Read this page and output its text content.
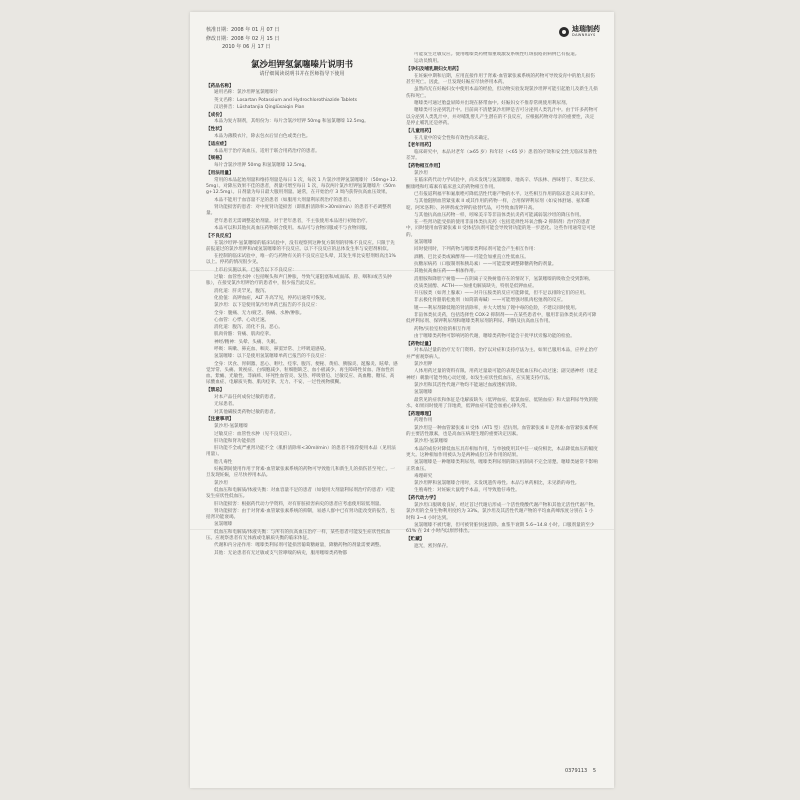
核准日期：2008 年 01 月 07 日
修改日期：2008 年 02 月 15 日
2010 年 06 月 17 日
迪瑞制药
DAWNRAYS
氯沙坦钾氢氯噻嗪片说明书
请仔细阅读说明书并在医师指导下使用

【药品名称】

通用名称：氯沙坦钾氢氯噻嗪片

英文名称：Losartan Potassium and Hydrochlorothiazide Tablets

汉语拼音：Lüshatanjia Qinglüsaiqin Pian

【成份】

本品为复方制剂，其组份为：每片含氯沙坦钾 50mg 和氢氯噻嗪 12.5mg。

【性状】

本品为薄膜衣片，除去包衣后显白色或类白色。

【适应症】

本品用于治疗高血压，适用于联合用药治疗的患者。

【规格】

每片含氯沙坦钾 50mg 和氢氯噻嗪 12.5mg。

【用法用量】

常用的本品起始剂量和维持剂量是每日 1 次，每次 1 片氯沙坦钾氢氯噻嗪片（50mg+12.5mg）。对降压效果不佳的患者，剂量可增至每日 1 次，每次两片氯沙坦钾氢氯噻嗪片（50mg+12.5mg）。日剂量为每日最大服用剂量。通常，在开始治疗 3 周内获得抗高血压效果。

本品不能用于血容量不足的患者（如服用大剂量利尿剂治疗的患者）。

肾功能损害的患者：对中度肾功能损害（即肌酐清除率>30ml/min）的患者不必调整剂量。

老年患者无需调整起始剂量。对于老年患者，不主张使用本品进行初始治疗。

本品可以和其他抗高血压药物联合使用。本品可与食物同服或不与食物同服。

【不良反应】

在氯沙坦钾-氢氯噻嗪的临床试验中，没有观察到这种复方制剂的特殊不良反应。只限于先前报道过的氯沙坦钾和/或氢氯噻嗪的不良反应。以下不良反应的总体发生率与安慰剂相似。

在控制的临床试验中，唯一的与药物有关的不良反应是头晕，其发生率比安慰剂组高出1%以上。停药的情况很少见。

上市后实施以来，已报告以下不良反应：

过敏：血管性水肿（包括喉头和声门肿胀，导致气道阻塞和/或面部、唇、咽和/或舌头肿胀），在接受氯沙坦钾治疗的患者中，很少报告此反应。

消化道：肝炎罕见，腹泻。

化验值：高钾血症，ALT 升高罕见，停药后通常可恢复。

氯沙坦：以下是使用氯沙坦单药已报告的不良反应：

全身：腹痛、无力/疲乏、胸痛、水肿/肿胀。

心血管：心悸、心动过速。

消化道：腹泻、消化不良、恶心。

肌肉骨骼：背痛、肌肉痉挛。

神经/精神：头晕、头痛、失眠。

呼吸：咳嗽、鼻充血、咽炎、鼻窦异常、上呼吸道感染。

氢氯噻嗪：以下是使用氢氯噻嗪单药已报告的不良反应：

全身：厌食、胃刺激、恶心、呕吐、痉挛、腹泻、便秘、黄疸、胰腺炎、涎腺炎、眩晕、感觉异常、头痛、黄视症、白细胞减少、粒细胞缺乏、血小板减少、再生障碍性贫血、溶血性贫血、紫癜、光敏性、荨麻疹、坏死性血管炎、发热、呼吸窘迫、过敏反应、高血糖、糖尿、高尿酸血症、电解质失衡、肌肉痉挛、无力、不安、一过性视物模糊。

【禁忌】

对本产品任何成份过敏的患者。

无尿患者。

对其他磺胺类药物过敏的患者。

【注意事项】

氯沙坦-氢氯噻嗪

过敏反应：血管性水肿（见不良反应）。

肝功能和肾功能损害

肝功能不全或严重肾功能不全（肌酐清除率<30ml/min）的患者不推荐使用本品（见用法用量）。

胎儿毒性

妊娠期间使用作用于肾素-血管紧张素系统的药物可导致胎儿和新生儿的损伤甚至死亡。一旦发现妊娠，应尽快停用本品。

氯沙坦

低血压和电解质/体液失衡：对血容量不足的患者（如使用大剂量利尿剂治疗的患者）可能发生症状性低血压。

肝功能损害：根据药代动力学资料，对有肝脏损害病史的患者应考虑使用较低剂量。

肾功能损害：由于对肾素-血管紧张素系统的抑制，易感人群中已有肾功能改变的报告，包括肾功能衰竭。

氢氯噻嗪

低血压和电解质/体液失衡：与所有的抗高血压治疗一样，某些患者可能发生症状性低血压。应观察患者有无体液或电解质失衡的临床体征。

代谢和内分泌作用：噻嗪类利尿剂可能损害葡萄糖耐量，降糖药物的剂量需要调整。

其他：无论患者有无过敏或支气管哮喘的病史，服用噻嗪类药物都

可能发生过敏反应。使用噻嗪类药物加重或激发系统性红斑狼疮的病例已有报道。

运动员慎用。

【孕妇及哺乳期妇女用药】

在妊娠中期和后期，应用直接作用于肾素-血管紧张素系统的药物可导致发育中的胎儿损伤甚至死亡。因此，一旦发现妊娠应尽快停用本药。

虽然尚无在妊娠妇女中使用本品的经验，但动物实验发现氯沙坦钾可能引起胎儿及新生儿损伤和死亡。

噻嗪类可通过胎盘屏障并出现在脐带血中。妊娠妇女不推荐常规使用利尿剂。

噻嗪类可分泌到乳汁中。目前尚不清楚氯沙坦钾是否可分泌到人类乳汁中。由于许多药物可以分泌到人类乳汁中，并对哺乳婴儿产生潜在的不良反应，应根据药物对母亲的重要性，决定是停止哺乳还是停药。

【儿童用药】

在儿童中的安全性和有效性尚未确定。

【老年用药】

临床研究中，本品对老年（≥65 岁）和年轻（<65 岁）患者的疗效和安全性无临床显著性差异。

【药物相互作用】

氯沙坦

在临床药代动力学试验中，尚未发现与氢氯噻嗪、地高辛、华法林、西咪替丁、苯巴比妥、酮康唑和红霉素有临床意义的药物相互作用。

已有报道利福平和氟康唑可降低活性代谢产物的水平。这些相互作用的临床意义尚未评价。

与其他阻断血管紧张素 II 或其作用的药物一样，合用保钾利尿剂（如安体舒通、氨苯蝶啶、阿米洛利）、补钾剂或含钾的盐替代品，可导致血清钾升高。

与其他抗高血压药物一样，吲哚美辛等非甾体类抗炎药可能减弱氯沙坦的降压作用。

在一些肾功能受损的使用非甾体类抗炎药（包括选择性环氧合酶-2 抑制剂）治疗的患者中，同时使用血管紧张素 II 受体拮抗剂可能会导致肾功能的进一步恶化。这些作用通常是可逆的。

氢氯噻嗪

同时使用时，下列药物与噻嗪类利尿剂可能会产生相互作用：

酒精、巴比妥类或麻醉剂——可能会加重直立性低血压。

抗糖尿病药（口服制剂和胰岛素）——可能需要调整降糖药物的剂量。

其他抗高血压药——相加作用。

消胆胺和降胆宁树脂——在阴离子交换树脂存在的情况下，氢氯噻嗪的吸收会受到影响。

皮质类固醇、ACTH——加重电解质缺失，特别是低钾血症。

升压胺类（如肾上腺素）——对升压胺类的反应可能降低，但不足以排除它们的应用。

非去极化骨骼肌松弛剂（如筒箭毒碱）——可能增强对肌肉松弛剂的反应。

锂——利尿剂降低锂的肾清除率，并大大增加了锂中毒的危险，不建议同时使用。

非甾体类抗炎药，包括选择性 COX-2 抑制剂——在某些患者中，服用非甾体类抗炎药可降低袢利尿剂、保钾利尿剂和噻嗪类利尿剂的利尿、利钠及抗高血压作用。

药物/实验室检验的相互作用

由于噻嗪类药物可影响钙的代谢，噻嗪类药物可能会干扰甲状旁腺功能的检验。

【药物过量】

对本品过量的治疗无专门资料。治疗以对症和支持疗法为主。如果已服用本品，应停止治疗并严密观察病人。

氯沙坦钾

人体用药过量的资料有限。用药过量最可能的表现是低血压和心动过速；副交感神经（迷走神经）刺激可能导致心动过缓。如发生症状性低血压，应实施支持疗法。

氯沙坦和其活性代谢产物均不能通过血液透析清除。

氢氯噻嗪

最常见的症状和体征是电解质缺失（低钾血症、低氯血症、低钠血症）和大量利尿导致的脱水。如果同时使用了洋地黄，低钾血症可能会加重心律失常。

【药理毒理】

药理作用

氯沙坦是一种血管紧张素 II 受体（AT1 型）拮抗剂。血管紧张素 II 是肾素-血管紧张素系统的主要活性激素，也是高血压病理生理的重要决定因素。

氯沙坦-氢氯噻嗪

本品的成份对降低血压具有相加作用，与单独使用其中任一成份相比，本品降低血压的幅度更大。这种相加作用被认为是两种成份互补作用的结果。

氢氯噻嗪是一种噻嗪类利尿剂。噻嗪类利尿剂的降压机制尚不完全清楚。噻嗪类通常不影响正常血压。

毒理研究

氯沙坦钾和氢氯噻嗪合用时，未发现遗传毒性。本品与单药相比，未见新的毒性。

生殖毒性：对妊娠大鼠给予本品，可导致胎仔毒性。

【药代动力学】

氯沙坦口服吸收良好，经过首过代谢后形成一个活性羧酸代谢产物和其他无活性代谢产物。氯沙坦的全身生物利用度约为 33%。氯沙坦及其活性代谢产物的平均血药峰浓度分别在 1 小时和 3~4 小时达到。

氢氯噻嗪不被代谢，但可被肾脏快速清除。血浆半衰期 5.6~14.8 小时。口服剂量的至少 61% 在 24 小时内以原形排出。

【贮藏】

遮光，密封保存。

0379113 5
